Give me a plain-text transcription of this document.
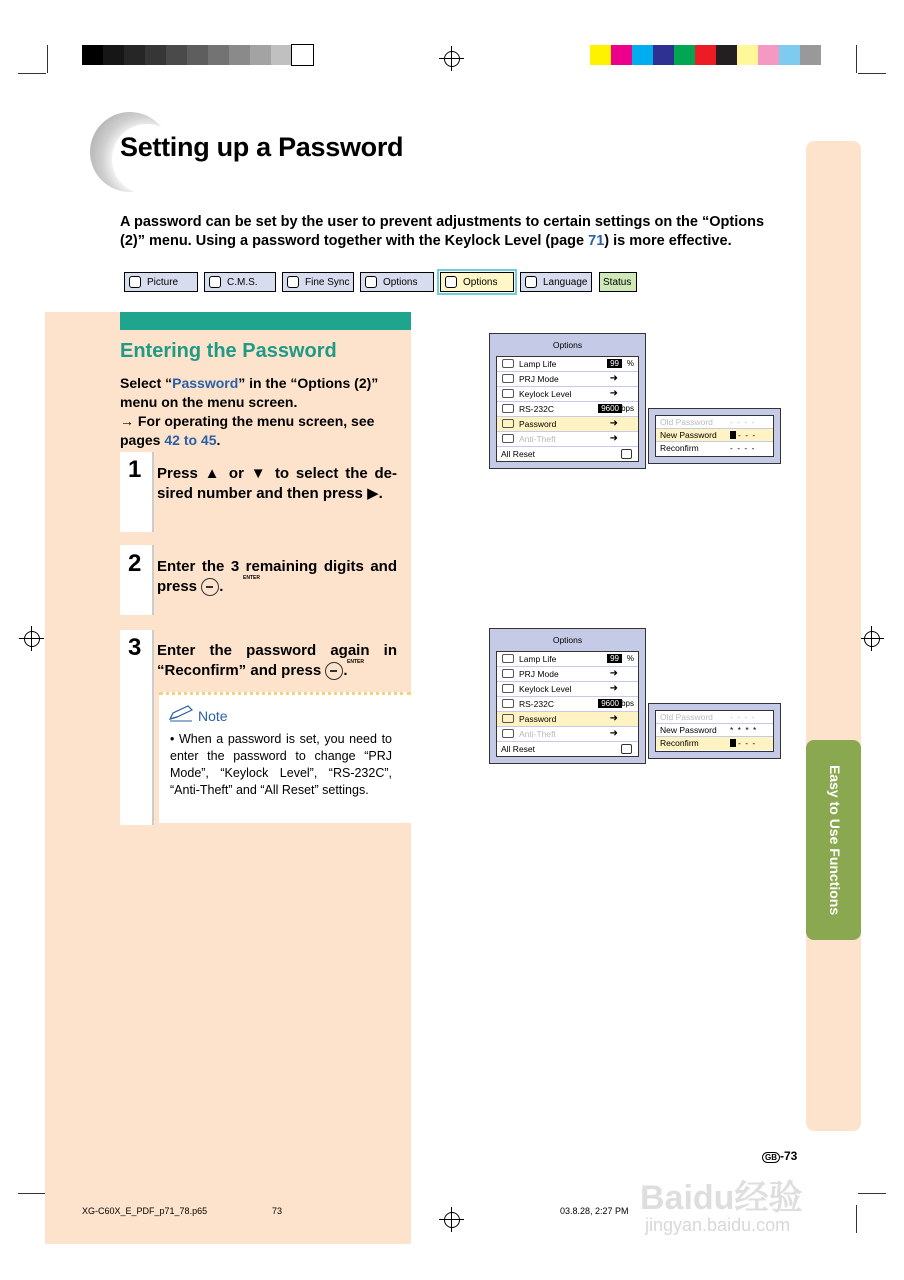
Setting up a Password
A password can be set by the user to prevent adjustments to certain settings on the “Options (2)” menu. Using a password together with the Keylock Level (page 71) is more effective.
Picture	C.M.S.	Fine Sync	Options	Options	Language Status
Entering the Password
Select “Password” in the “Options (2)” menu on the menu screen.
→ For operating the menu screen, see pages 42 to 45.
1 Press ▲ or ▼ to select the de-sired number and then press ▶.
2 Enter the 3 remaining digits and press .	ENTER
3 Enter the password again in “Reconfirm” and press . ENTER
Note
• When a password is set, you need to enter the password to change “PRJ Mode”, “Keylock Level”, “RS-232C”, “Anti-Theft” and “All Reset” settings.
Options
Lamp Life	99 %
PRJ Mode	➜
Keylock Level	➜
RS-232C	9600 bps
Password	➜
Anti-Theft	➜
All Reset
Old Password - - - -
New Password	- - -
Reconfirm	- - - -
Options
Lamp Life	99 %
PRJ Mode	➜
Keylock Level	➜
RS-232C	9600 bps
Password	➜
Anti-Theft	➜
All Reset
Old Password - - - -
New Password * * * *
Reconfirm	- - -
Easy to Use Functions
GB -73
Baidu经验
jingyan.baidu.com
XG-C60X_E_PDF_p71_78.p65	73	03.8.28, 2:27 PM
